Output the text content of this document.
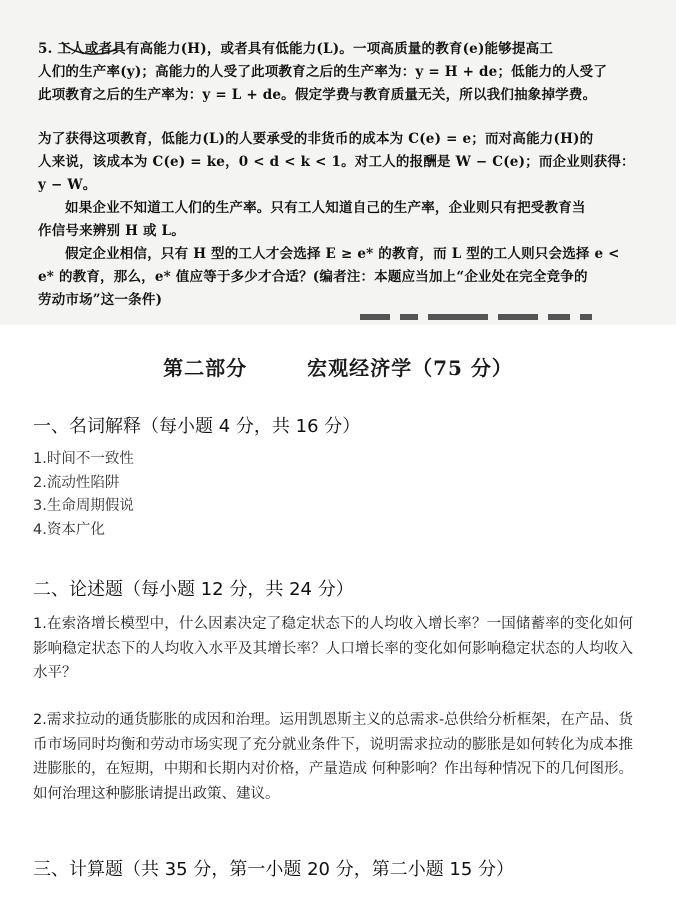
5. 工人或者具有高能力(H)，或者具有低能力(L)。一项高质量的教育(e)能够提高工

人们的生产率(y)；高能力的人受了此项教育之后的生产率为：y = H + de；低能力的人受了

此项教育之后的生产率为：y = L + de。假定学费与教育质量无关，所以我们抽象掉学费。

为了获得这项教育，低能力(L)的人要承受的非货币的成本为 C(e) = e；而对高能力(H)的

人来说，该成本为 C(e) = ke，0 < d < k < 1。对工人的报酬是 W − C(e)；而企业则获得：

y − W。

如果企业不知道工人们的生产率。只有工人知道自己的生产率，企业则只有把受教育当

作信号来辨别 H 或 L。

假定企业相信，只有 H 型的工人才会选择 E ≥ e* 的教育，而 L 型的工人则只会选择 e <

e* 的教育，那么，e* 值应等于多少才合适？(编者注：本题应当加上“企业处在完全竞争的

劳动市场”这一条件)

第二部分	宏观经济学（75 分）
一、名词解释（每小题 4 分，共 16 分）
1.时间不一致性
2.流动性陷阱
3.生命周期假说
4.资本广化
二、论述题（每小题 12 分，共 24 分）

1.在索洛增长模型中，什么因素决定了稳定状态下的人均收入增长率？一国储蓄率的变化如何影响稳定状态下的人均收入水平及其增长率？人口增长率的变化如何影响稳定状态的人均收入水平？

2.需求拉动的通货膨胀的成因和治理。运用凯恩斯主义的总需求-总供给分析框架，在产品、货币市场同时均衡和劳动市场实现了充分就业条件下，说明需求拉动的膨胀是如何转化为成本推进膨胀的，在短期，中期和长期内对价格，产量造成 何种影响？作出每种情况下的几何图形。如何治理这种膨胀请提出政策、建议。

三、计算题（共 35 分，第一小题 20 分，第二小题 15 分）
